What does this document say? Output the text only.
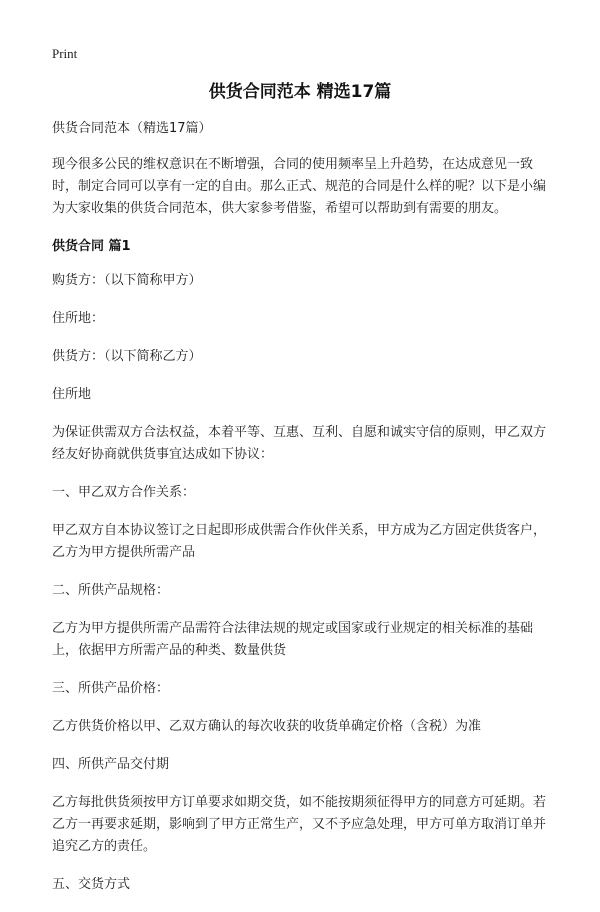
Print
供货合同范本 精选17篇
供货合同范本（精选17篇）
现今很多公民的维权意识在不断增强，合同的使用频率呈上升趋势，在达成意见一致时，制定合同可以享有一定的自由。那么正式、规范的合同是什么样的呢？以下是小编为大家收集的供货合同范本，供大家参考借鉴，希望可以帮助到有需要的朋友。
供货合同 篇1
购货方：（以下简称甲方）
住所地：
供货方：（以下简称乙方）
住所地
为保证供需双方合法权益，本着平等、互惠、互利、自愿和诚实守信的原则，甲乙双方经友好协商就供货事宜达成如下协议：
一、甲乙双方合作关系：
甲乙双方自本协议签订之日起即形成供需合作伙伴关系，甲方成为乙方固定供货客户，乙方为甲方提供所需产品
二、所供产品规格：
乙方为甲方提供所需产品需符合法律法规的规定或国家或行业规定的相关标准的基础上，依据甲方所需产品的种类、数量供货
三、所供产品价格：
乙方供货价格以甲、乙双方确认的每次收获的收货单确定价格（含税）为准
四、所供产品交付期
乙方每批供货须按甲方订单要求如期交货，如不能按期须征得甲方的同意方可延期。若乙方一再要求延期，影响到了甲方正常生产，又不予应急处理，甲方可单方取消订单并追究乙方的责任。
五、交货方式
